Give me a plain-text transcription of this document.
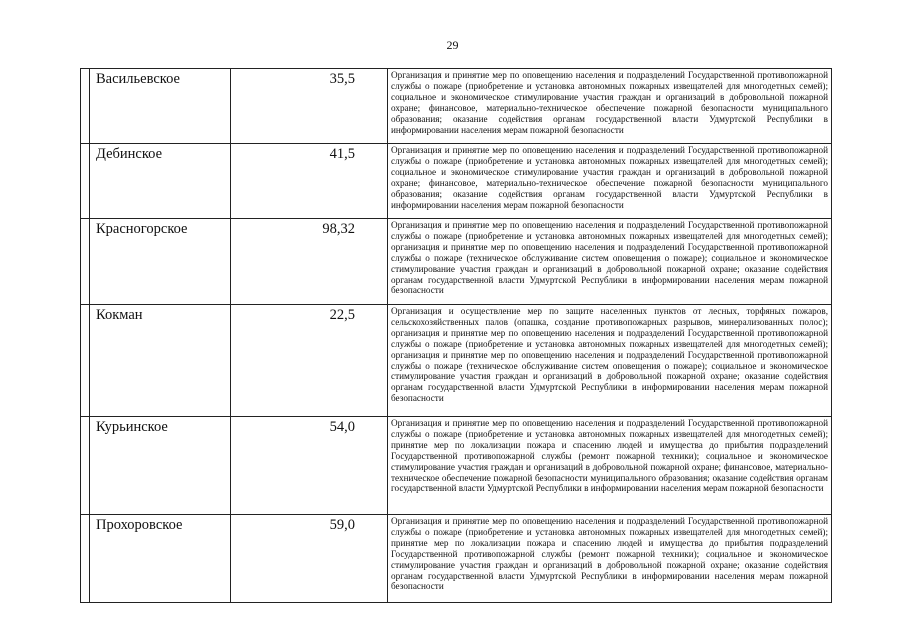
29

	Васильевское	35,5	Организация и принятие мер по оповещению населения и подразделений Государственной противопожарной службы о пожаре (приобретение и установка автономных пожарных извещателей для многодетных семей); социальное и экономическое стимулирование участия граждан и организаций в добровольной пожарной охране; финансовое, материально-техническое обеспечение пожарной безопасности муниципального образования; оказание содействия органам государственной власти Удмуртской Республики в информировании населения мерам пожарной безопасности

	Дебинское	41,5	Организация и принятие мер по оповещению населения и подразделений Государственной противопожарной службы о пожаре (приобретение и установка автономных пожарных извещателей для многодетных семей); социальное и экономическое стимулирование участия граждан и организаций в добровольной пожарной охране; финансовое, материально-техническое обеспечение пожарной безопасности муниципального образования; оказание содействия органам государственной власти Удмуртской Республики в информировании населения мерам пожарной безопасности

	Красногорское	98,32	Организация и принятие мер по оповещению населения и подразделений Государственной противопожарной службы о пожаре (приобретение и установка автономных пожарных извещателей для многодетных семей); организация и принятие мер по оповещению населения и подразделений Государственной противопожарной службы о пожаре (техническое обслуживание систем оповещения о пожаре); социальное и экономическое стимулирование участия граждан и организаций в добровольной пожарной охране; оказание содействия органам государственной власти Удмуртской Республики в информировании населения мерам пожарной безопасности

	Кокман	22,5	Организация и осуществление мер по защите населенных пунктов от лесных, торфяных пожаров, сельскохозяйственных палов (опашка, создание противопожарных разрывов, минерализованных полос); организация и принятие мер по оповещению населения и подразделений Государственной противопожарной службы о пожаре (приобретение и установка автономных пожарных извещателей для многодетных семей); организация и принятие мер по оповещению населения и подразделений Государственной противопожарной службы о пожаре (техническое обслуживание систем оповещения о пожаре); социальное и экономическое стимулирование участия граждан и организаций в добровольной пожарной охране; оказание содействия органам государственной власти Удмуртской Республики в информировании населения мерам пожарной безопасности

	Курьинское	54,0	Организация и принятие мер по оповещению населения и подразделений Государственной противопожарной службы о пожаре (приобретение и установка автономных пожарных извещателей для многодетных семей); принятие мер по локализации пожара и спасению людей и имущества до прибытия подразделений Государственной противопожарной службы (ремонт пожарной техники); социальное и экономическое стимулирование участия граждан и организаций в добровольной пожарной охране; финансовое, материально-техническое обеспечение пожарной безопасности муниципального образования; оказание содействия органам государственной власти Удмуртской Республики в информировании населения мерам пожарной безопасности

	Прохоровское	59,0	Организация и принятие мер по оповещению населения и подразделений Государственной противопожарной службы о пожаре (приобретение и установка автономных пожарных извещателей для многодетных семей); принятие мер по локализации пожара и спасению людей и имущества до прибытия подразделений Государственной противопожарной службы (ремонт пожарной техники); социальное и экономическое стимулирование участия граждан и организаций в добровольной пожарной охране; оказание содействия органам государственной власти Удмуртской Республики в информировании населения мерам пожарной безопасности
